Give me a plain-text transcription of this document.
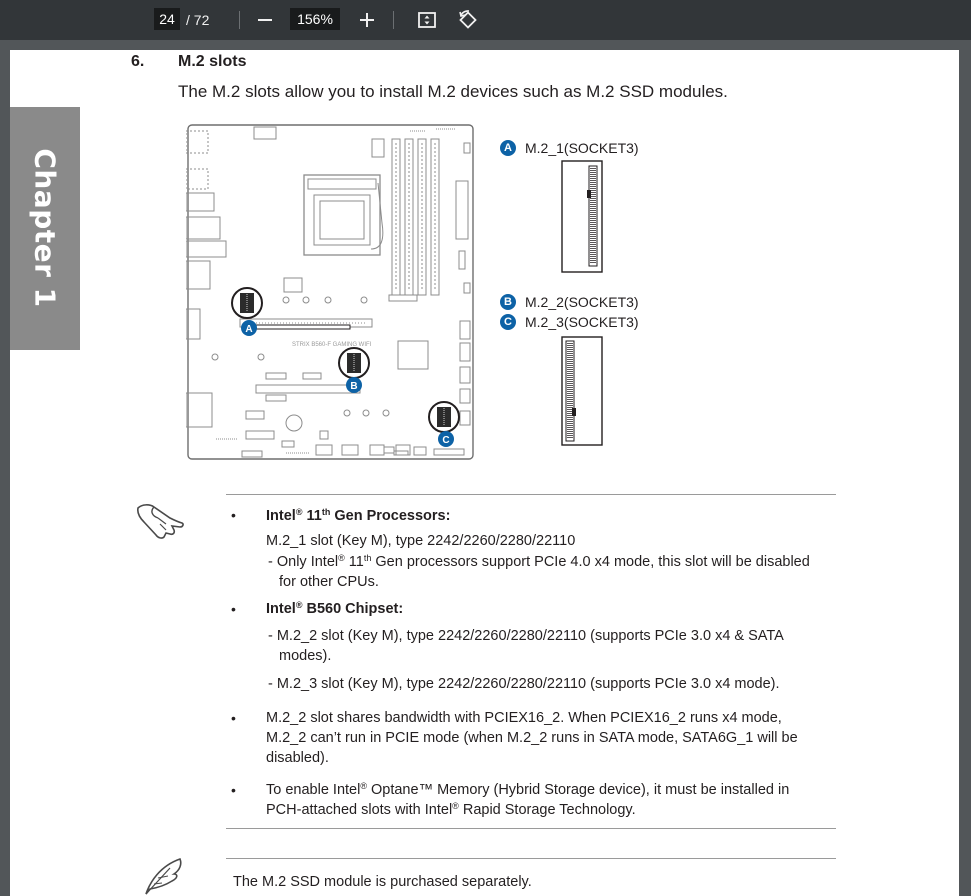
24
/ 72
156%
Chapter 1
6. M.2 slots
The M.2 slots allow you to install M.2 devices such as M.2 SSD modules.
STRIX B560-F GAMING WIFI
A
B
C
A M.2_1(SOCKET3)
B M.2_2(SOCKET3)
C M.2_3(SOCKET3)
• Intel® 11th Gen Processors:
M.2_1 slot (Key M), type 2242/2260/2280/22110
- Only Intel® 11th Gen processors support PCIe 4.0 x4 mode, this slot will be disabled
for other CPUs.
• Intel® B560 Chipset:
- M.2_2 slot (Key M), type 2242/2260/2280/22110 (supports PCIe 3.0 x4 & SATA
modes).
- M.2_3 slot (Key M), type 2242/2260/2280/22110 (supports PCIe 3.0 x4 mode).
• M.2_2 slot shares bandwidth with PCIEX16_2. When PCIEX16_2 runs x4 mode,
M.2_2 can’t run in PCIE mode (when M.2_2 runs in SATA mode, SATA6G_1 will be
disabled).
• To enable Intel® Optane™ Memory (Hybrid Storage device), it must be installed in
PCH-attached slots with Intel® Rapid Storage Technology.
The M.2 SSD module is purchased separately.
